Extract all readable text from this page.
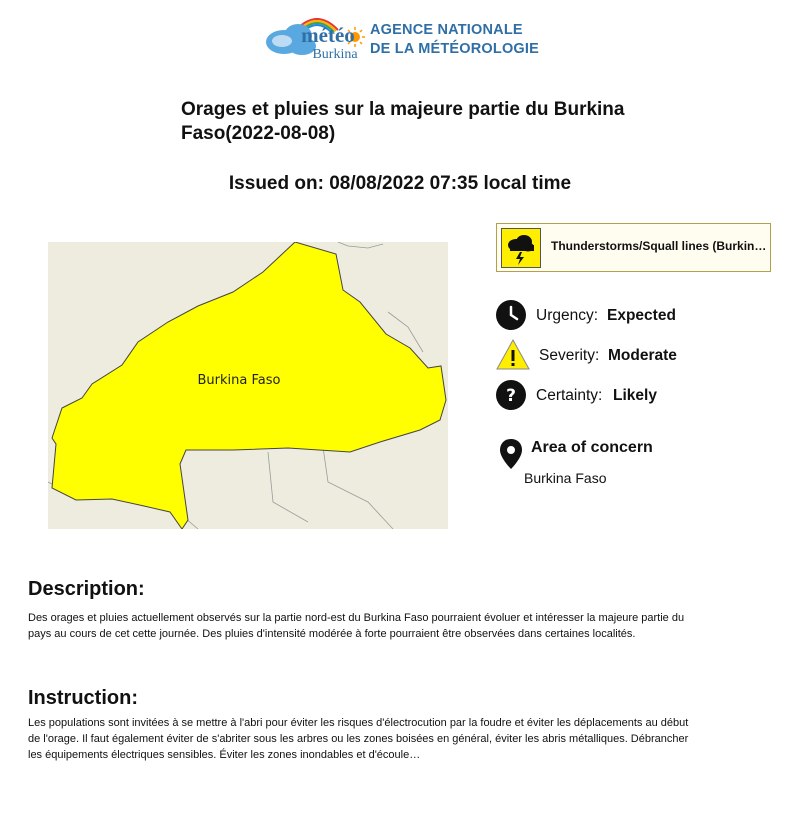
météo
Burkina
AGENCE NATIONALE
DE LA MÉTÉOROLOGIE
Orages et pluies sur la majeure partie du Burkina Faso(2022-08-08)
Issued on: 08/08/2022 07:35 local time
Burkina Faso
Thunderstorms/Squall lines (Burkin…
Urgency: Expected
Severity: Moderate
? Certainty: Likely
Area of concern
Burkina Faso
Description:
Des orages et pluies actuellement observés sur la partie nord-est du Burkina Faso pourraient évoluer et intéresser la majeure partie du pays au cours de cet cette journée. Des pluies d'intensité modérée à forte pourraient être observées dans certaines localités.
Instruction:
Les populations sont invitées à se mettre à l'abri pour éviter les risques d'électrocution par la foudre et éviter les déplacements au début de l'orage. Il faut également éviter de s'abriter sous les arbres ou les zones boisées en général, éviter les abris métalliques. Débrancher les équipements électriques sensibles. Éviter les zones inondables et d'écoule…
